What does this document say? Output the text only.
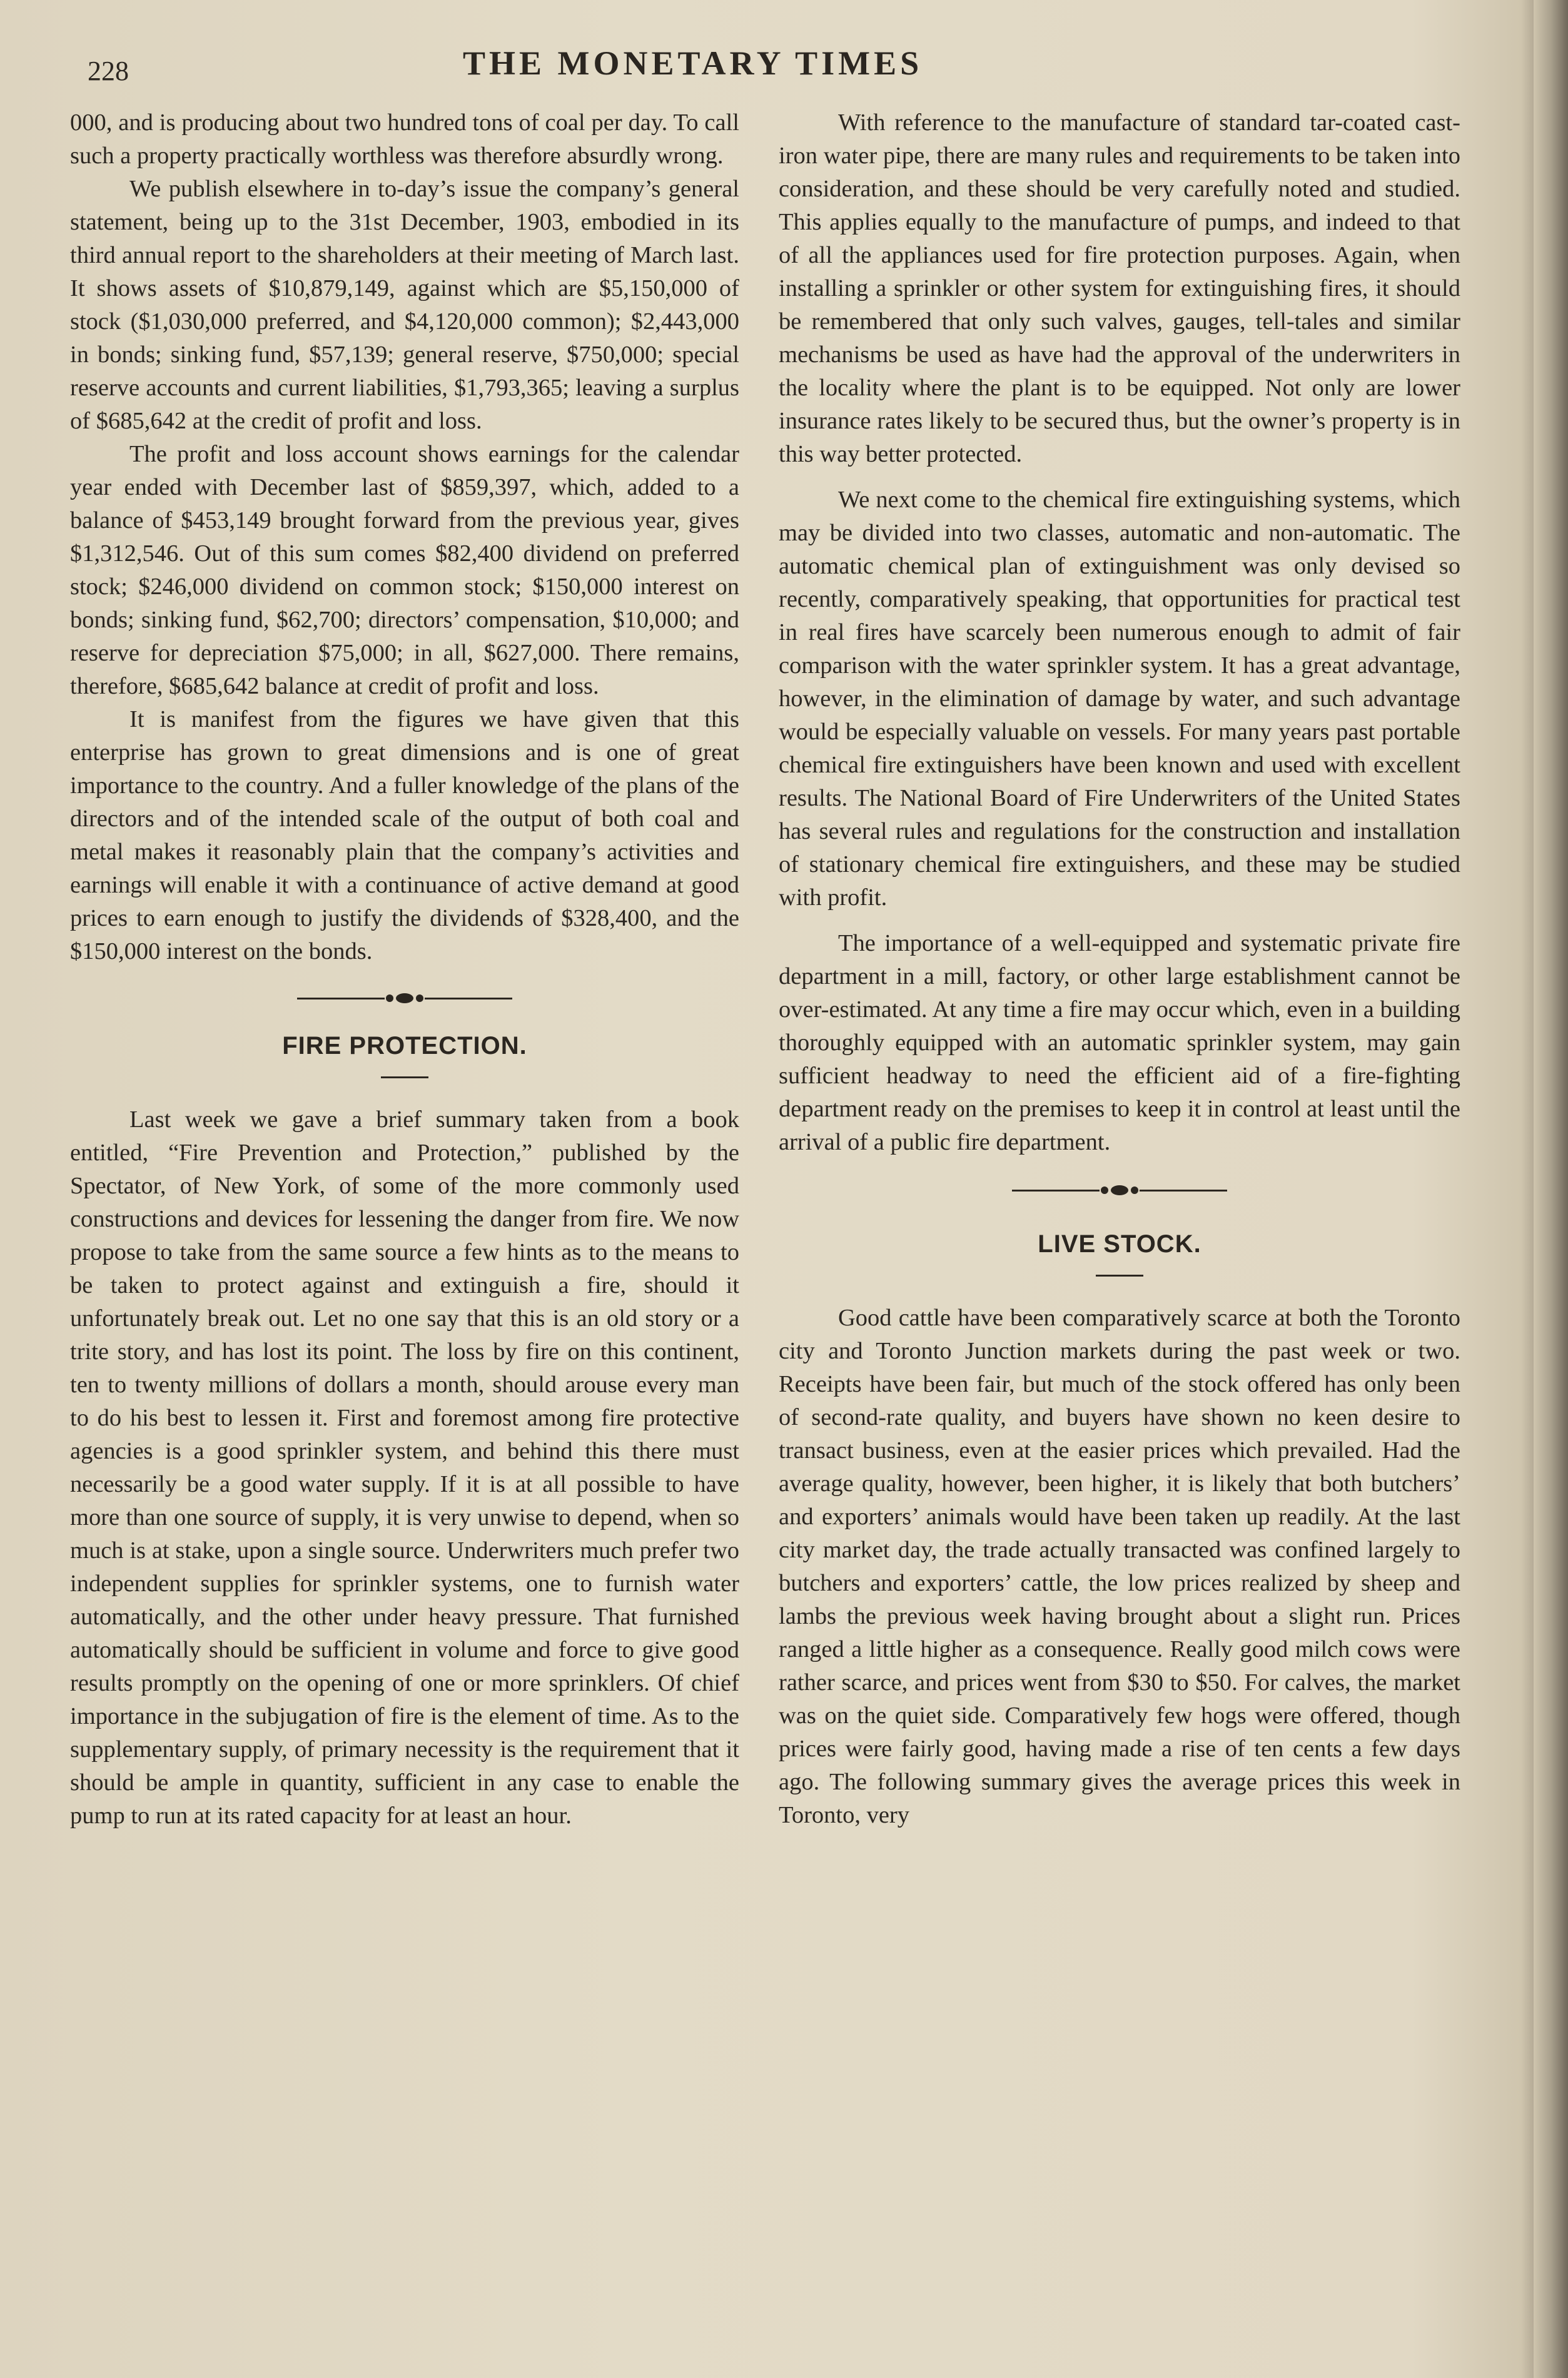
228	THE MONETARY TIMES

000, and is producing about two hundred tons of coal per day. To call such a property practically worthless was therefore absurdly wrong.

We publish elsewhere in to-day’s issue the company’s general statement, being up to the 31st December, 1903, embodied in its third annual report to the shareholders at their meeting of March last. It shows assets of $10,879,149, against which are $5,150,000 of stock ($1,030,000 preferred, and $4,120,000 common); $2,443,000 in bonds; sinking fund, $57,139; general reserve, $750,000; special reserve accounts and current liabilities, $1,793,365; leaving a surplus of $685,642 at the credit of profit and loss.

The profit and loss account shows earnings for the calendar year ended with December last of $859,397, which, added to a balance of $453,149 brought forward from the previous year, gives $1,312,546. Out of this sum comes $82,400 dividend on preferred stock; $246,000 dividend on common stock; $150,000 interest on bonds; sinking fund, $62,700; directors’ compensation, $10,000; and reserve for depreciation $75,000; in all, $627,000. There remains, therefore, $685,642 balance at credit of profit and loss.

It is manifest from the figures we have given that this enterprise has grown to great dimensions and is one of great importance to the country. And a fuller knowledge of the plans of the directors and of the intended scale of the output of both coal and metal makes it reasonably plain that the company’s activities and earnings will enable it with a continuance of active demand at good prices to earn enough to justify the dividends of $328,400, and the $150,000 interest on the bonds.

FIRE PROTECTION.

Last week we gave a brief summary taken from a book entitled, “Fire Prevention and Protection,” published by the Spectator, of New York, of some of the more commonly used constructions and devices for lessening the danger from fire. We now propose to take from the same source a few hints as to the means to be taken to protect against and extinguish a fire, should it unfortunately break out. Let no one say that this is an old story or a trite story, and has lost its point. The loss by fire on this continent, ten to twenty millions of dollars a month, should arouse every man to do his best to lessen it. First and foremost among fire protective agencies is a good sprinkler system, and behind this there must necessarily be a good water supply. If it is at all possible to have more than one source of supply, it is very unwise to depend, when so much is at stake, upon a single source. Underwriters much prefer two independent supplies for sprinkler systems, one to furnish water automatically, and the other under heavy pressure. That furnished automatically should be sufficient in volume and force to give good results promptly on the opening of one or more sprinklers. Of chief importance in the subjugation of fire is the element of time. As to the supplementary supply, of primary necessity is the requirement that it should be ample in quantity, sufficient in any case to enable the pump to run at its rated capacity for at least an hour.

With reference to the manufacture of standard tar-coated cast-iron water pipe, there are many rules and requirements to be taken into consideration, and these should be very carefully noted and studied. This applies equally to the manufacture of pumps, and indeed to that of all the appliances used for fire protection purposes. Again, when installing a sprinkler or other system for extinguishing fires, it should be remembered that only such valves, gauges, tell-tales and similar mechanisms be used as have had the approval of the underwriters in the locality where the plant is to be equipped. Not only are lower insurance rates likely to be secured thus, but the owner’s property is in this way better protected.

We next come to the chemical fire extinguishing systems, which may be divided into two classes, automatic and non-automatic. The automatic chemical plan of extinguishment was only devised so recently, comparatively speaking, that opportunities for practical test in real fires have scarcely been numerous enough to admit of fair comparison with the water sprinkler system. It has a great advantage, however, in the elimination of damage by water, and such advantage would be especially valuable on vessels. For many years past portable chemical fire extinguishers have been known and used with excellent results. The National Board of Fire Underwriters of the United States has several rules and regulations for the construction and installation of stationary chemical fire extinguishers, and these may be studied with profit.

The importance of a well-equipped and systematic private fire department in a mill, factory, or other large establishment cannot be over-estimated. At any time a fire may occur which, even in a building thoroughly equipped with an automatic sprinkler system, may gain sufficient headway to need the efficient aid of a fire-fighting department ready on the premises to keep it in control at least until the arrival of a public fire department.

LIVE STOCK.

Good cattle have been comparatively scarce at both the Toronto city and Toronto Junction markets during the past week or two. Receipts have been fair, but much of the stock offered has only been of second-rate quality, and buyers have shown no keen desire to transact business, even at the easier prices which prevailed. Had the average quality, however, been higher, it is likely that both butchers’ and exporters’ animals would have been taken up readily. At the last city market day, the trade actually transacted was confined largely to butchers and exporters’ cattle, the low prices realized by sheep and lambs the previous week having brought about a slight run. Prices ranged a little higher as a consequence. Really good milch cows were rather scarce, and prices went from $30 to $50. For calves, the market was on the quiet side. Comparatively few hogs were offered, though prices were fairly good, having made a rise of ten cents a few days ago. The following summary gives the average prices this week in Toronto, very
